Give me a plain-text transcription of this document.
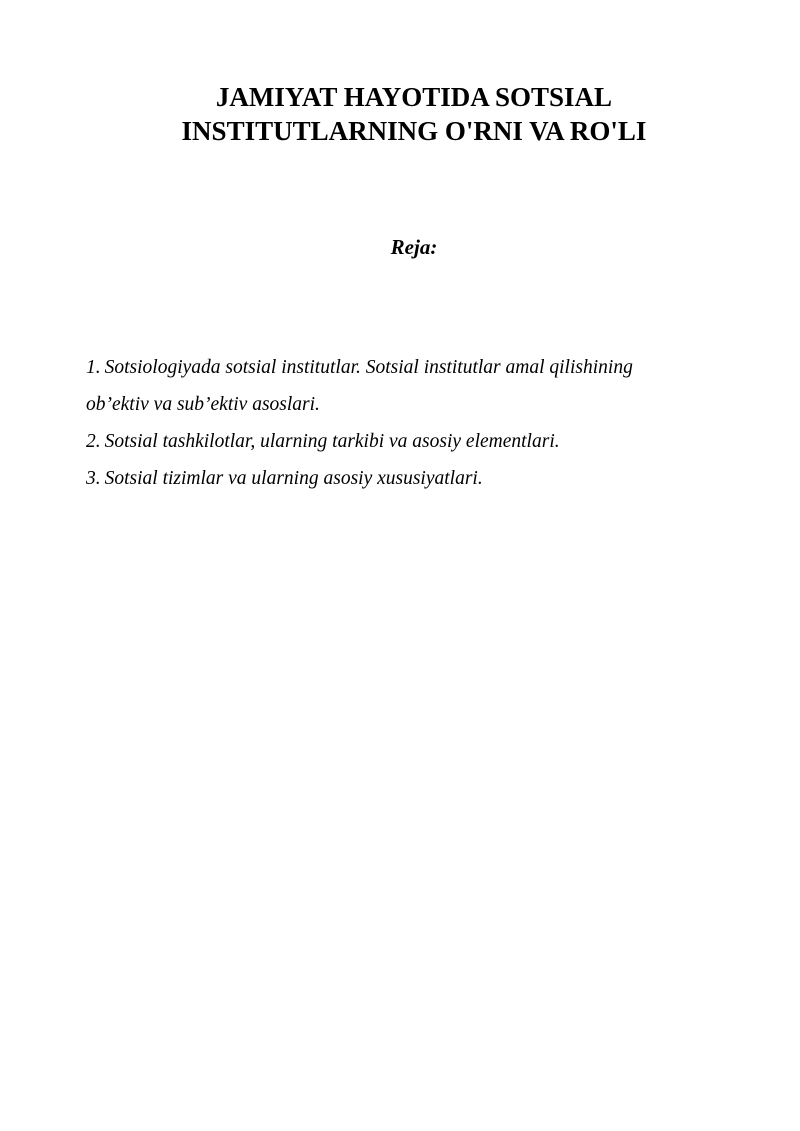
JAMIYAT HAYOTIDA SOTSIAL
INSTITUTLARNING O'RNI VA RO'LI
Reja:
1. Sotsiologiyada sotsial institutlar. Sotsial institutlar amal qilishining
ob’ektiv va sub’ektiv asoslari.
2. Sotsial tashkilotlar, ularning tarkibi va asosiy elementlari.
3. Sotsial tizimlar va ularning asosiy xususiyatlari.
